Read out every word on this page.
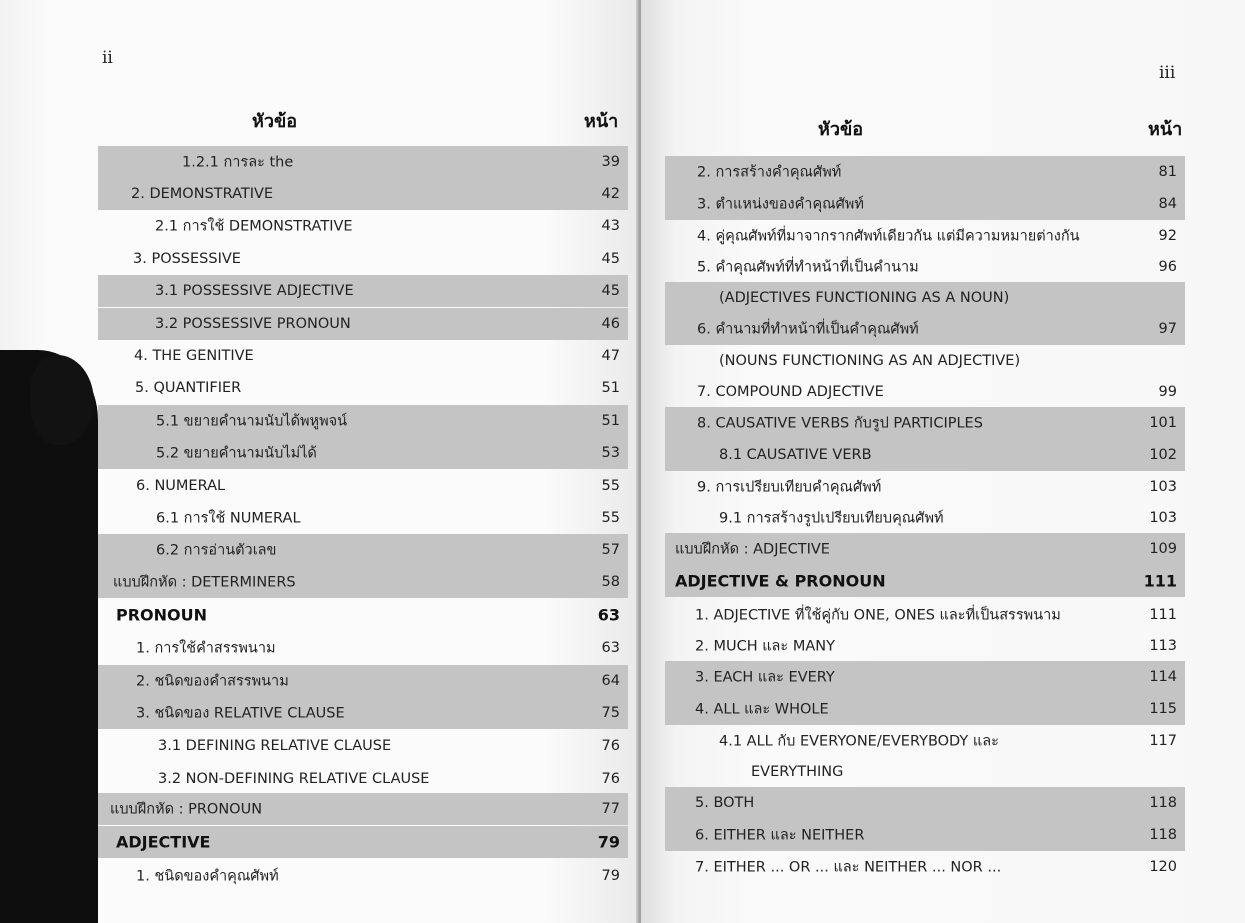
ii
หัวข้อ	หน้า
1.2.1 การละ the	39
2. DEMONSTRATIVE	42
2.1 การใช้ DEMONSTRATIVE	43
3. POSSESSIVE	45
3.1 POSSESSIVE ADJECTIVE	45
3.2 POSSESSIVE PRONOUN	46
4. THE GENITIVE	47
5. QUANTIFIER	51
5.1 ขยายคำนามนับได้พหูพจน์	51
5.2 ขยายคำนามนับไม่ได้	53
6. NUMERAL	55
6.1 การใช้ NUMERAL	55
6.2 การอ่านตัวเลข	57
แบบฝึกหัด : DETERMINERS	58
PRONOUN	63
1. การใช้คำสรรพนาม	63
2. ชนิดของคำสรรพนาม	64
3. ชนิดของ RELATIVE CLAUSE	75
3.1 DEFINING RELATIVE CLAUSE	76
3.2 NON-DEFINING RELATIVE CLAUSE	76
แบบฝึกหัด : PRONOUN	77
ADJECTIVE	79
1. ชนิดของคำคุณศัพท์	79
iii
หัวข้อ	หน้า
2. การสร้างคำคุณศัพท์	81
3. ตำแหน่งของคำคุณศัพท์	84
4. คู่คุณศัพท์ที่มาจากรากศัพท์เดียวกัน แต่มีความหมายต่างกัน	92
5. คำคุณศัพท์ที่ทำหน้าที่เป็นคำนาม	96
(ADJECTIVES FUNCTIONING AS A NOUN)
6. คำนามที่ทำหน้าที่เป็นคำคุณศัพท์	97
(NOUNS FUNCTIONING AS AN ADJECTIVE)
7. COMPOUND ADJECTIVE	99
8. CAUSATIVE VERBS กับรูป PARTICIPLES	101
8.1 CAUSATIVE VERB	102
9. การเปรียบเทียบคำคุณศัพท์	103
9.1 การสร้างรูปเปรียบเทียบคุณศัพท์	103
แบบฝึกหัด : ADJECTIVE	109
ADJECTIVE & PRONOUN	111
1. ADJECTIVE ที่ใช้คู่กับ ONE, ONES และที่เป็นสรรพนาม	111
2. MUCH และ MANY	113
3. EACH และ EVERY	114
4. ALL และ WHOLE	115
4.1 ALL กับ EVERYONE/EVERYBODY และ	117
EVERYTHING
5. BOTH	118
6. EITHER และ NEITHER	118
7. EITHER ... OR ... และ NEITHER ... NOR ...	120
